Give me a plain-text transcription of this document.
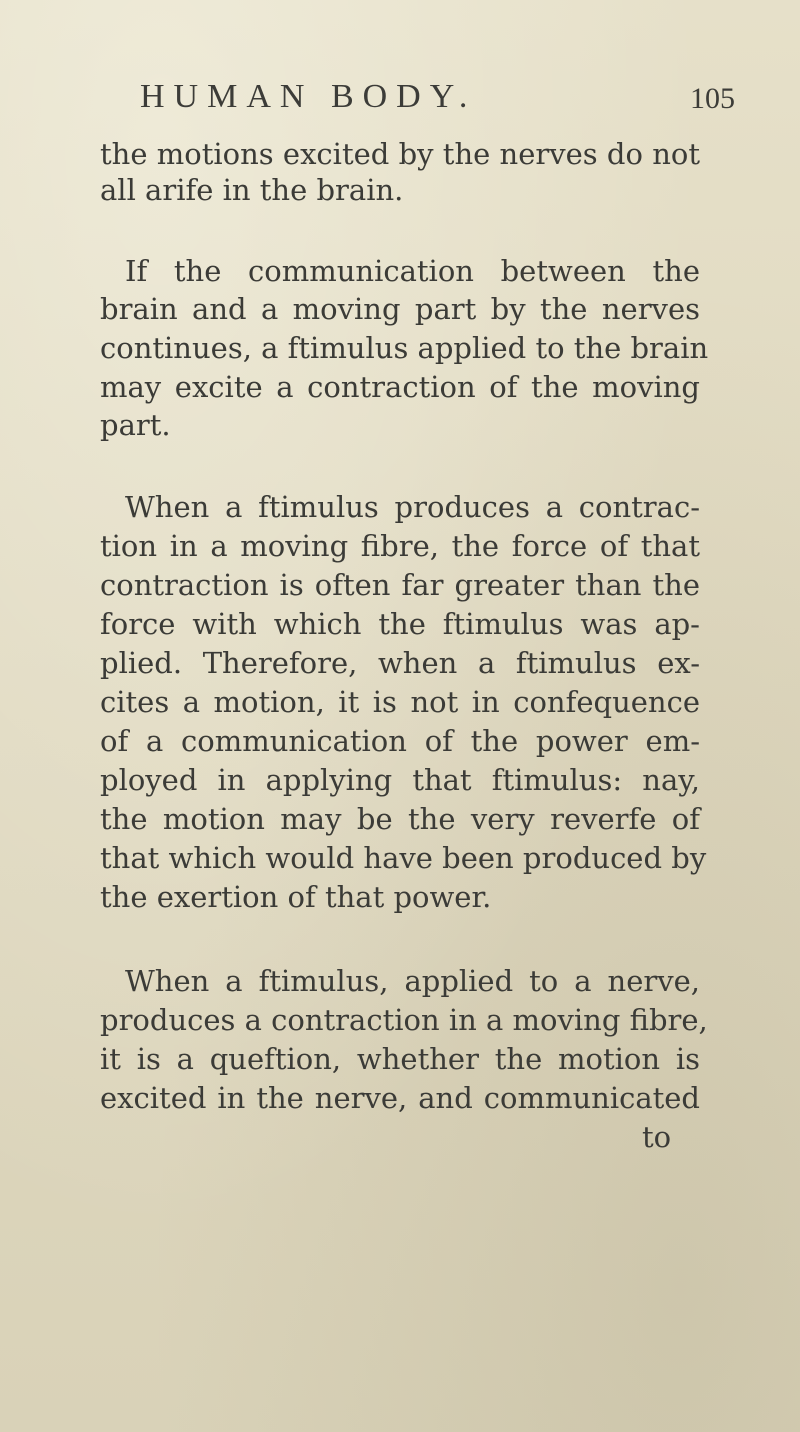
HUMAN BODY.	105
the motions excited by the nerves do not
all arife in the brain.
If the communication between the
brain and a moving part by the nerves
continues, a ftimulus applied to the brain
may excite a contraction of the moving
part.
When a ftimulus produces a contrac-
tion in a moving fibre, the force of that
contraction is often far greater than the
force with which the ftimulus was ap-
plied. Therefore, when a ftimulus ex-
cites a motion, it is not in confequence
of a communication of the power em-
ployed in applying that ftimulus: nay,
the motion may be the very reverfe of
that which would have been produced by
the exertion of that power.
When a ftimulus, applied to a nerve,
produces a contraction in a moving fibre,
it is a queftion, whether the motion is
excited in the nerve, and communicated
to
